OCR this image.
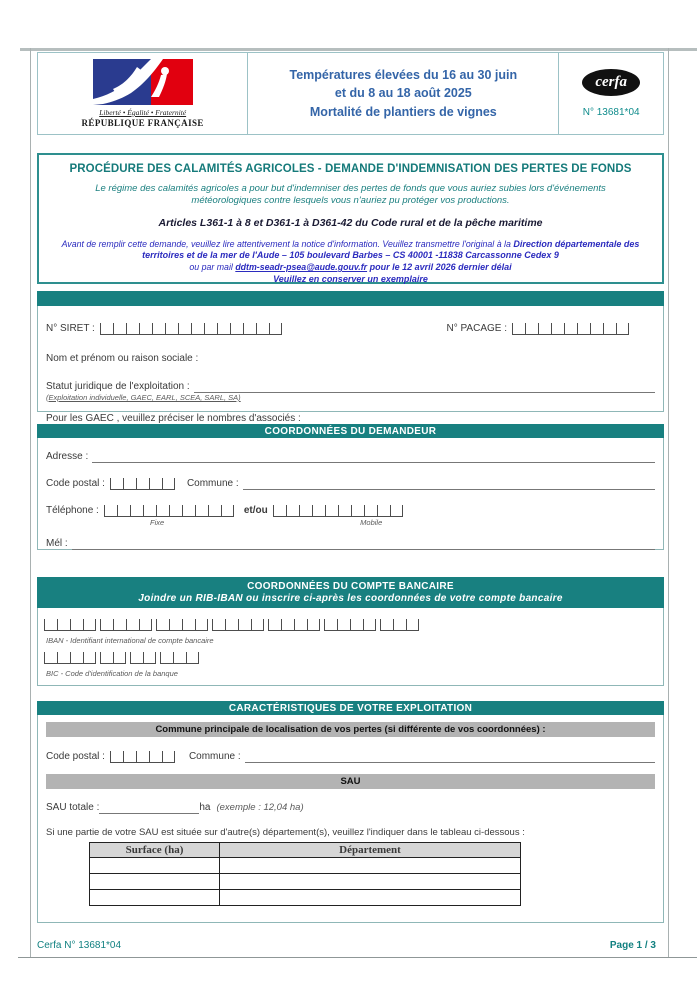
Liberté • Égalité • Fraternité
RÉPUBLIQUE FRANÇAISE
Températures élevées du 16 au 30 juin
et du 8 au 18 août 2025
Mortalité de plantiers de vignes
cerfa
N° 13681*04
PROCÉDURE DES CALAMITÉS AGRICOLES - DEMANDE D'INDEMNISATION DES PERTES DE FONDS
Le régime des calamités agricoles a pour but d'indemniser des pertes de fonds que vous auriez subies lors d'événements
météorologiques contre lesquels vous n'auriez pu protéger vos productions.
Articles L361-1 à 8 et D361-1 à D361-42 du Code rural et de la pêche maritime
Avant de remplir cette demande, veuillez lire attentivement la notice d'information. Veuillez transmettre l'original à la Direction départementale des territoires et de la mer de l'Aude – 105 boulevard Barbes – CS 40001 -11838 Carcassonne Cedex 9
ou par mail ddtm-seadr-psea@aude.gouv.fr pour le 12 avril 2026 dernier délai
Veuillez en conserver un exemplaire
N° SIRET :	N° PACAGE :
Nom et prénom ou raison sociale :
Statut juridique de l'exploitation :
(Exploitation individuelle, GAEC, EARL, SCEA, SARL, SA)
Pour les GAEC , veuillez préciser le nombres d'associés :
COORDONNÉES DU DEMANDEUR
Adresse :
Code postal :	Commune :
Téléphone :	et/ou
Fixe	Mobile
Mél :
COORDONNÉES DU COMPTE BANCAIRE
Joindre un RIB-IBAN ou inscrire ci-après les coordonnées de votre compte bancaire
IBAN - Identifiant international de compte bancaire
BIC - Code d'identification de la banque
CARACTÉRISTIQUES DE VOTRE EXPLOITATION
Commune principale de localisation de vos pertes (si différente de vos coordonnées) :
Code postal :	Commune :
SAU
SAU totale :	ha (exemple : 12,04 ha)
Si une partie de votre SAU est située sur d'autre(s) département(s), veuillez l'indiquer dans le tableau ci-dessous :
Surface (ha)	Département

Cerfa N° 13681*04	Page 1 / 3
